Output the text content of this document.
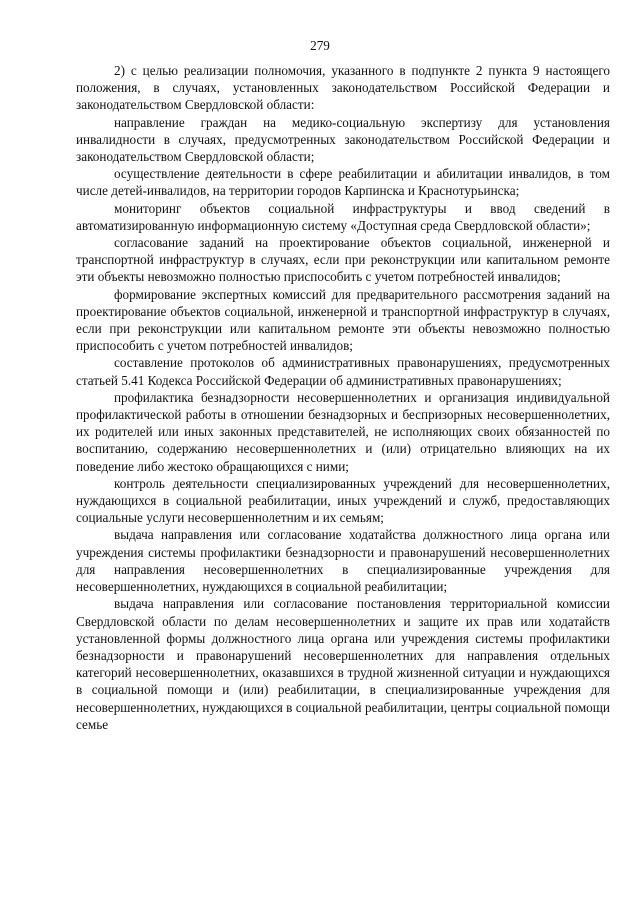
279

2) с целью реализации полномочия, указанного в подпункте 2 пункта 9 настоящего положения, в случаях, установленных законодательством Российской Федерации и законодательством Свердловской области:

направление граждан на медико-социальную экспертизу для установления инвалидности в случаях, предусмотренных законодательством Российской Федерации и законодательством Свердловской области;

осуществление деятельности в сфере реабилитации и абилитации инвалидов, в том числе детей-инвалидов, на территории городов Карпинска и Краснотурьинска;

мониторинг объектов социальной инфраструктуры и ввод сведений в автоматизированную информационную систему «Доступная среда Свердловской области»;

согласование заданий на проектирование объектов социальной, инженерной и транспортной инфраструктур в случаях, если при реконструкции или капитальном ремонте эти объекты невозможно полностью приспособить с учетом потребностей инвалидов;

формирование экспертных комиссий для предварительного рассмотрения заданий на проектирование объектов социальной, инженерной и транспортной инфраструктур в случаях, если при реконструкции или капитальном ремонте эти объекты невозможно полностью приспособить с учетом потребностей инвалидов;

составление протоколов об административных правонарушениях, предусмотренных статьей 5.41 Кодекса Российской Федерации об административных правонарушениях;

профилактика безнадзорности несовершеннолетних и организация индивидуальной профилактической работы в отношении безнадзорных и беспризорных несовершеннолетних, их родителей или иных законных представителей, не исполняющих своих обязанностей по воспитанию, содержанию несовершеннолетних и (или) отрицательно влияющих на их поведение либо жестоко обращающихся с ними;

контроль деятельности специализированных учреждений для несовершеннолетних, нуждающихся в социальной реабилитации, иных учреждений и служб, предоставляющих социальные услуги несовершеннолетним и их семьям;

выдача направления или согласование ходатайства должностного лица органа или учреждения системы профилактики безнадзорности и правонарушений несовершеннолетних для направления несовершеннолетних в специализированные учреждения для несовершеннолетних, нуждающихся в социальной реабилитации;

выдача направления или согласование постановления территориальной комиссии Свердловской области по делам несовершеннолетних и защите их прав или ходатайств установленной формы должностного лица органа или учреждения системы профилактики безнадзорности и правонарушений несовершеннолетних для направления отдельных категорий несовершеннолетних, оказавшихся в трудной жизненной ситуации и нуждающихся в социальной помощи и (или) реабилитации, в специализированные учреждения для несовершеннолетних, нуждающихся в социальной реабилитации, центры социальной помощи семье
